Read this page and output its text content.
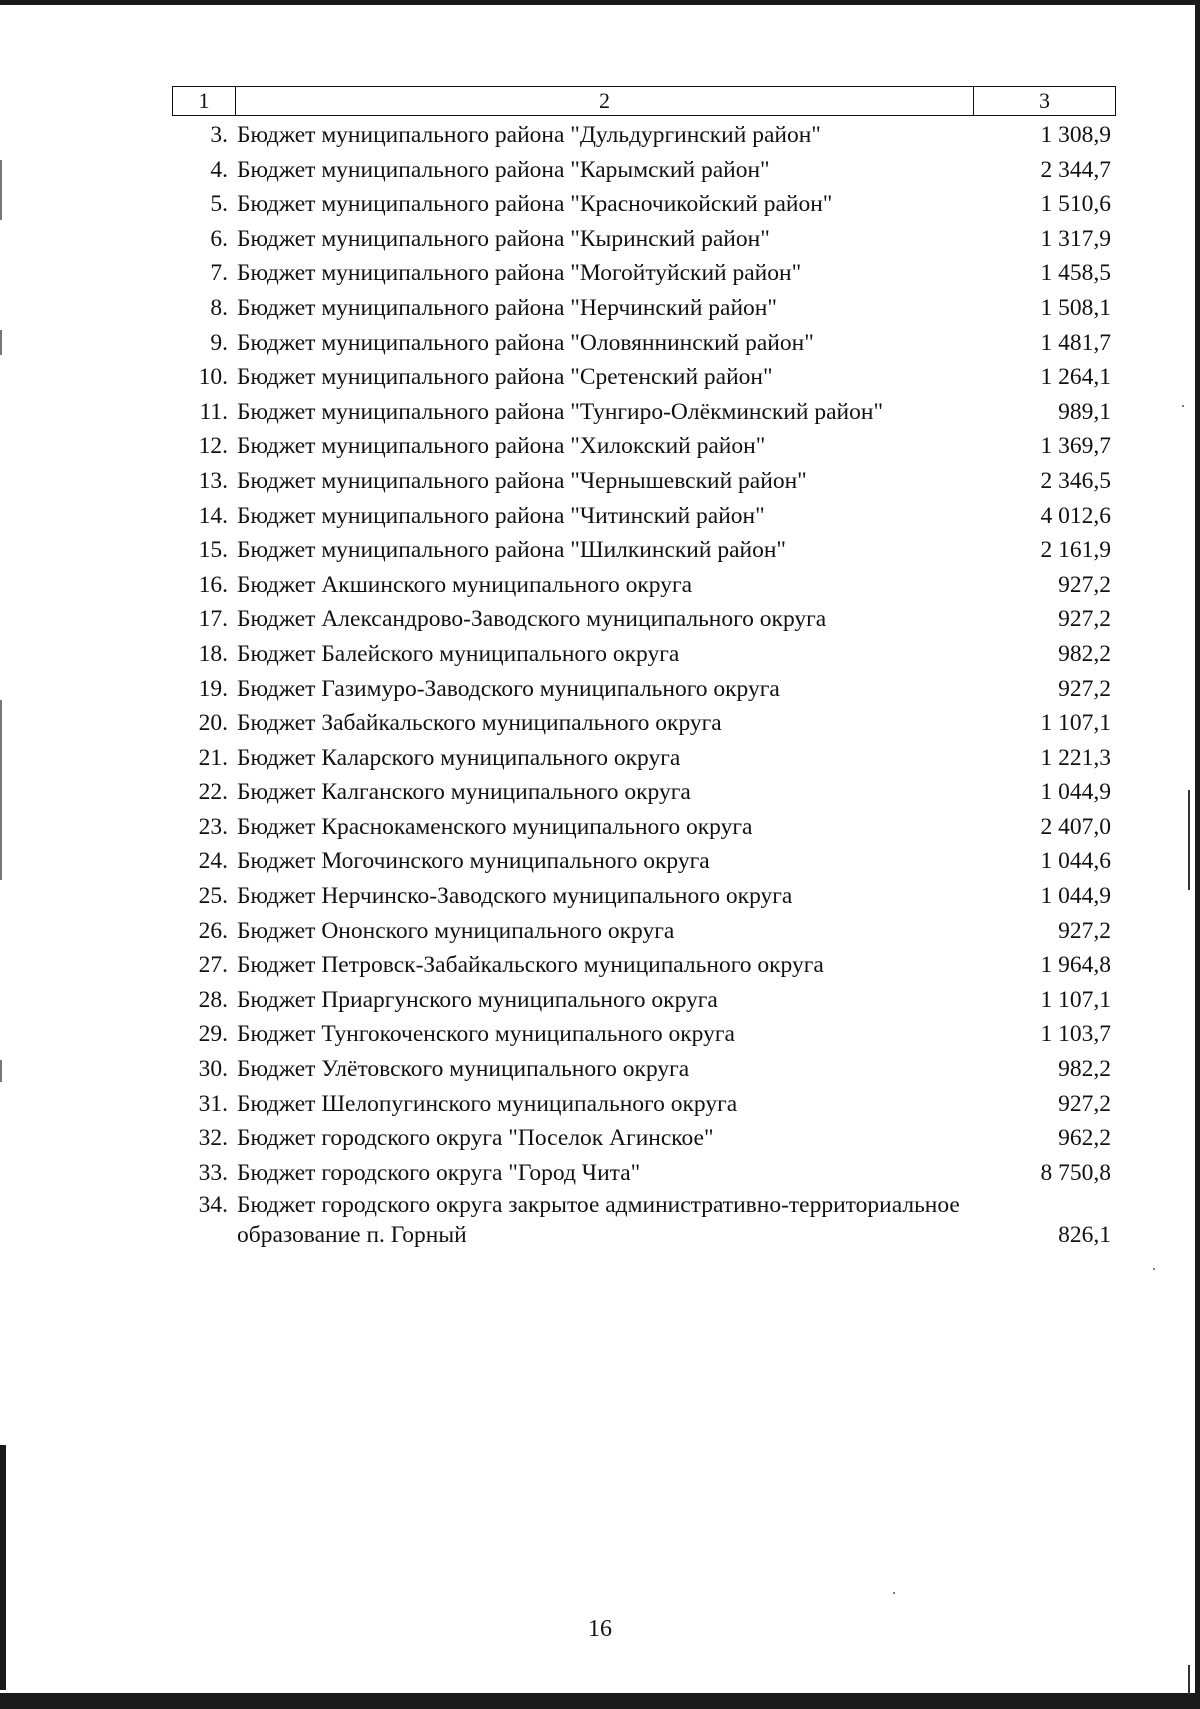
1	2	3
3. Бюджет муниципального района "Дульдургинский район"	1 308,9
4. Бюджет муниципального района "Карымский район"	2 344,7
5. Бюджет муниципального района "Красночикойский район"	1 510,6
6. Бюджет муниципального района "Кыринский район"	1 317,9
7. Бюджет муниципального района "Могойтуйский район"	1 458,5
8. Бюджет муниципального района "Нерчинский район"	1 508,1
9. Бюджет муниципального района "Оловяннинский район"	1 481,7
10. Бюджет муниципального района "Сретенский район"	1 264,1
11. Бюджет муниципального района "Тунгиро-Олёкминский район"	989,1
12. Бюджет муниципального района "Хилокский район"	1 369,7
13. Бюджет муниципального района "Чернышевский район"	2 346,5
14. Бюджет муниципального района "Читинский район"	4 012,6
15. Бюджет муниципального района "Шилкинский район"	2 161,9
16. Бюджет Акшинского муниципального округа	927,2
17. Бюджет Александрово-Заводского муниципального округа	927,2
18. Бюджет Балейского муниципального округа	982,2
19. Бюджет Газимуро-Заводского муниципального округа	927,2
20. Бюджет Забайкальского муниципального округа	1 107,1
21. Бюджет Каларского муниципального округа	1 221,3
22. Бюджет Калганского муниципального округа	1 044,9
23. Бюджет Краснокаменского муниципального округа	2 407,0
24. Бюджет Могочинского муниципального округа	1 044,6
25. Бюджет Нерчинско-Заводского муниципального округа	1 044,9
26. Бюджет Ононского муниципального округа	927,2
27. Бюджет Петровск-Забайкальского муниципального округа	1 964,8
28. Бюджет Приаргунского муниципального округа	1 107,1
29. Бюджет Тунгокоченского муниципального округа	1 103,7
30. Бюджет Улётовского муниципального округа	982,2
31. Бюджет Шелопугинского муниципального округа	927,2
32. Бюджет городского округа "Поселок Агинское"	962,2
33. Бюджет городского округа "Город Чита"	8 750,8
34. Бюджет городского округа закрытое административно-территориальное образование п. Горный	826,1
16
